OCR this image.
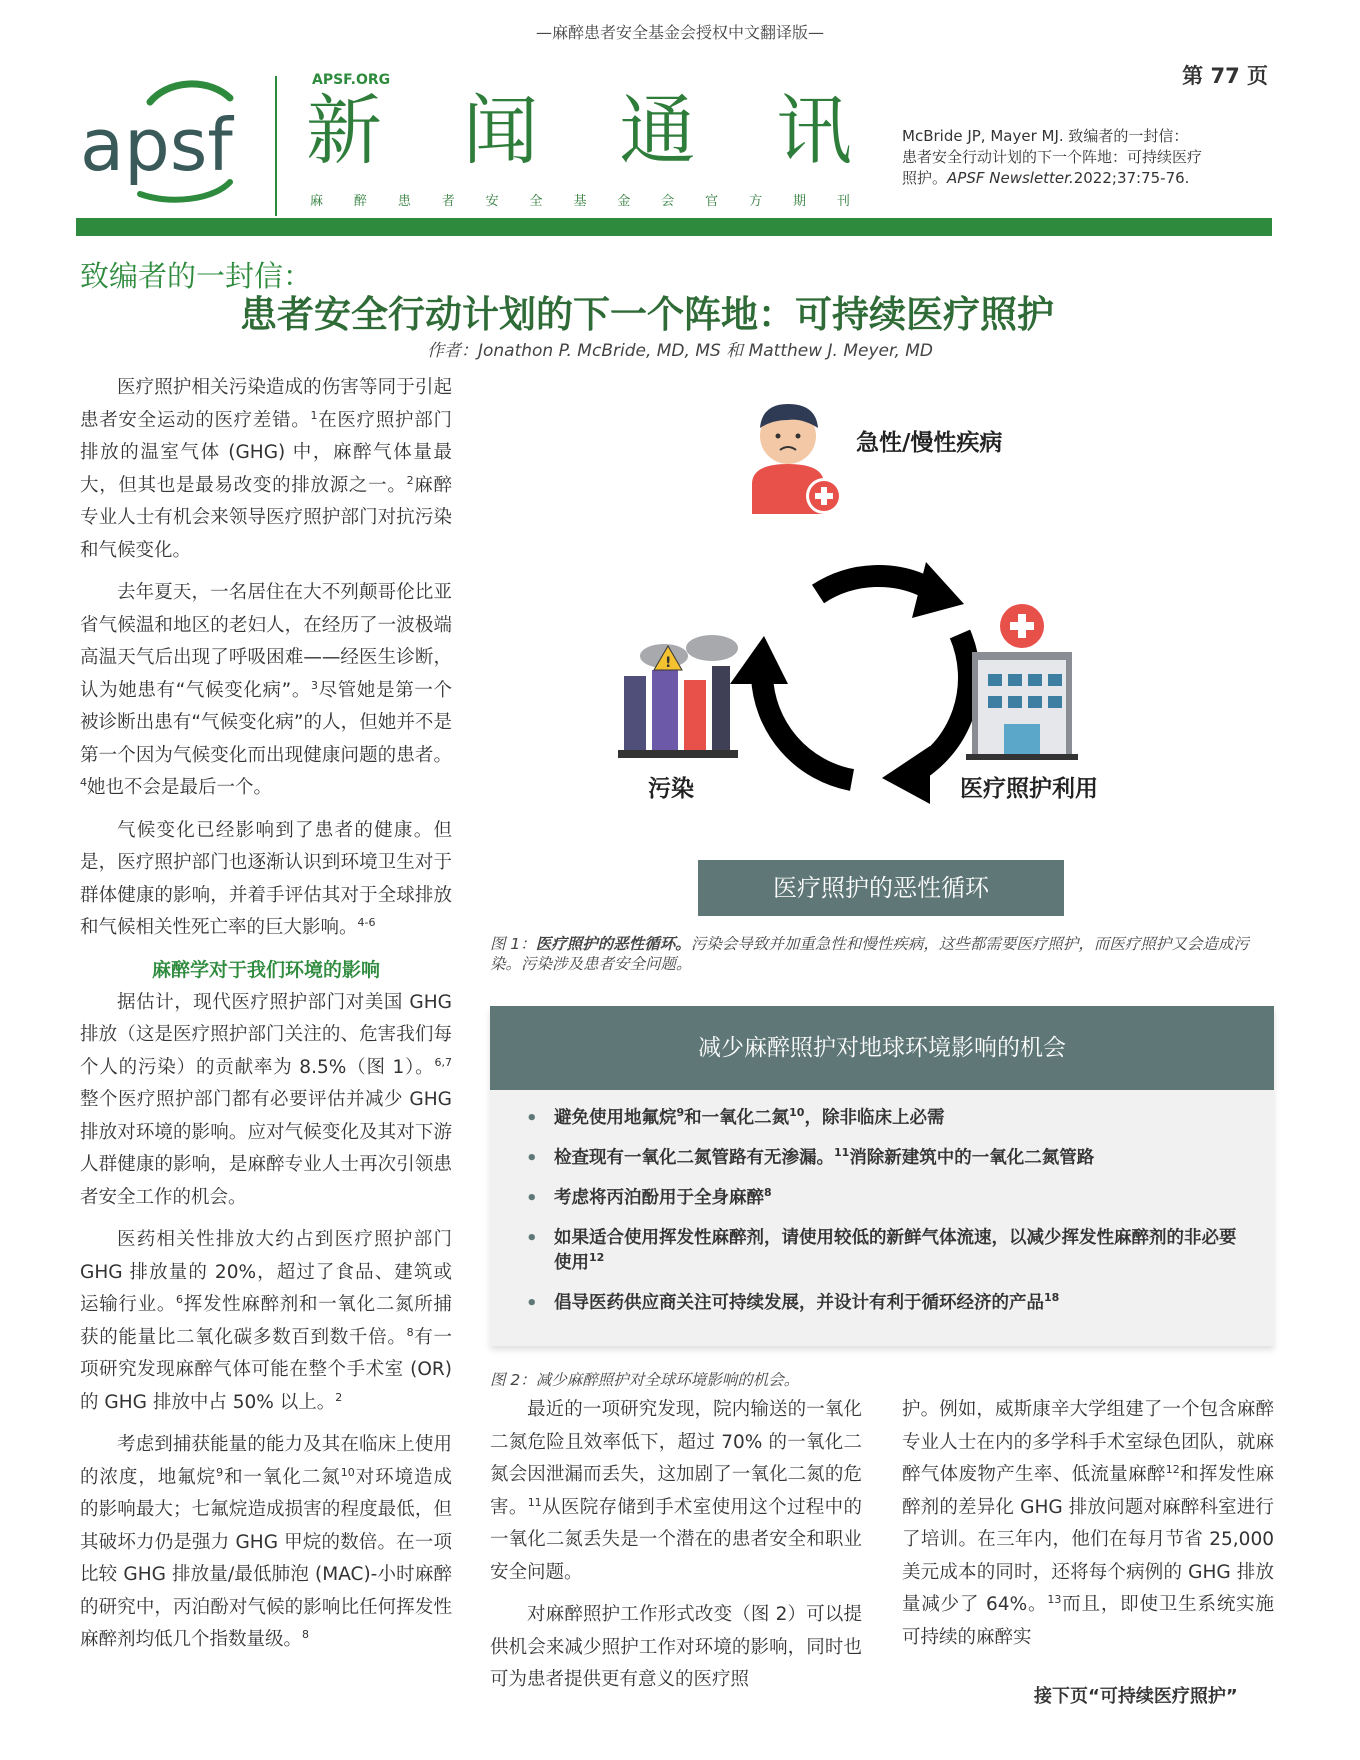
—麻醉患者安全基金会授权中文翻译版—
第 77 页
apsf
APSF.ORG
新 闻 通 讯
麻 醉 患 者 安 全 基 金 会 官 方 期 刊
McBride JP, Mayer MJ. 致编者的一封信：
患者安全行动计划的下一个阵地：可持续医疗
照护。APSF Newsletter.2022;37:75-76.
致编者的一封信：
患者安全行动计划的下一个阵地：可持续医疗照护
作者：Jonathon P. McBride, MD, MS 和 Matthew J. Meyer, MD

医疗照护相关污染造成的伤害等同于引起患者安全运动的医疗差错。$^1$在医疗照护部门排放的温室气体 (GHG) 中，麻醉气体量最大，但其也是最易改变的排放源之一。$^2$麻醉专业人士有机会来领导医疗照护部门对抗污染和气候变化。

去年夏天，一名居住在大不列颠哥伦比亚省气候温和地区的老妇人，在经历了一波极端高温天气后出现了呼吸困难——经医生诊断，认为她患有“气候变化病”。$^3$尽管她是第一个被诊断出患有“气候变化病”的人，但她并不是第一个因为气候变化而出现健康问题的患者。$^4$她也不会是最后一个。

气候变化已经影响到了患者的健康。但是，医疗照护部门也逐渐认识到环境卫生对于群体健康的影响，并着手评估其对于全球排放和气候相关性死亡率的巨大影响。$^{4-6}$

麻醉学对于我们环境的影响

据估计，现代医疗照护部门对美国 GHG 排放（这是医疗照护部门关注的、危害我们每个人的污染）的贡献率为 8.5%（图 1）。$^{6,7}$整个医疗照护部门都有必要评估并减少 GHG 排放对环境的影响。应对气候变化及其对下游人群健康的影响，是麻醉专业人士再次引领患者安全工作的机会。

医药相关性排放大约占到医疗照护部门 GHG 排放量的 20%，超过了食品、建筑或运输行业。$^6$挥发性麻醉剂和一氧化二氮所捕获的能量比二氧化碳多数百到数千倍。$^8$有一项研究发现麻醉气体可能在整个手术室 (OR) 的 GHG 排放中占 50% 以上。$^2$

考虑到捕获能量的能力及其在临床上使用的浓度，地氟烷$^9$和一氧化二氮$^{10}$对环境造成的影响最大；七氟烷造成损害的程度最低，但其破坏力仍是强力 GHG 甲烷的数倍。在一项比较 GHG 排放量/最低肺泡 (MAC)-小时麻醉的研究中，丙泊酚对气候的影响比任何挥发性麻醉剂均低几个指数量级。$^8$

急性/慢性疾病
!
污染	医疗照护利用
医疗照护的恶性循环
图 1：医疗照护的恶性循环。污染会导致并加重急性和慢性疾病，这些都需要医疗照护，而医疗照护又会造成污染。污染涉及患者安全问题。
减少麻醉照护对地球环境影响的机会
• 避免使用地氟烷$^9$和一氧化二氮$^{10}$，除非临床上必需
• 检查现有一氧化二氮管路有无渗漏。$^{11}$消除新建筑中的一氧化二氮管路
• 考虑将丙泊酚用于全身麻醉$^8$
• 如果适合使用挥发性麻醉剂，请使用较低的新鲜气体流速，以减少挥发性麻醉剂的非必要使用$^{12}$
• 倡导医药供应商关注可持续发展，并设计有利于循环经济的产品$^{18}$
图 2：减少麻醉照护对全球环境影响的机会。

最近的一项研究发现，院内输送的一氧化二氮危险且效率低下，超过 70% 的一氧化二氮会因泄漏而丢失，这加剧了一氧化二氮的危害。$^{11}$从医院存储到手术室使用这个过程中的一氧化二氮丢失是一个潜在的患者安全和职业安全问题。

对麻醉照护工作形式改变（图 2）可以提供机会来减少照护工作对环境的影响，同时也可为患者提供更有意义的医疗照

护。例如，威斯康辛大学组建了一个包含麻醉专业人士在内的多学科手术室绿色团队，就麻醉气体废物产生率、低流量麻醉$^{12}$和挥发性麻醉剂的差异化 GHG 排放问题对麻醉科室进行了培训。在三年内，他们在每月节省 25,000 美元成本的同时，还将每个病例的 GHG 排放量减少了 64%。$^{13}$而且，即使卫生系统实施可持续的麻醉实

接下页“可持续医疗照护”
